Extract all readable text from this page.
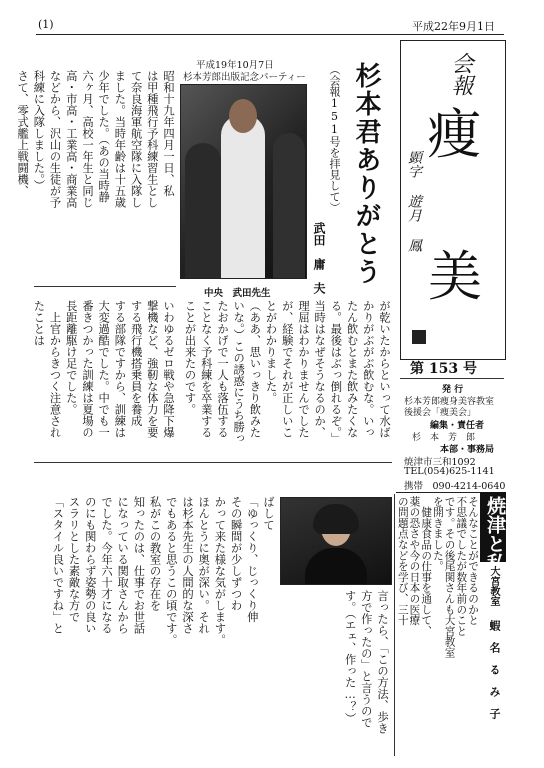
(1)	平成22年9月1日
会報
痩
美
顕字 遊月 鳳
第 153 号
発 行
杉本芳郎痩身美容教室
後援会「痩美会」
編集・責任者
杉　本　芳　郎
本部・事務局
焼津市三和1092
TEL(054)625-1141
携帯　090-4214-0640
平成19年10月7日
杉本芳郎出版記念パーティー
中央　武田先生
杉本君ありがとう
（会報151号を拝見して）
武田　庸　夫

昭和十九年四月一日、私

は甲種飛行予科練習生とし

て奈良海軍航空隊に入隊し

ました。当時年齢は十五歳

少年でした。（あの当時静

六ヶ月、高校一年生と同じ

高・市高・工業高・商業高

などから、沢山の生徒が予

科練に入隊しました。）

さて、零式艦上戦闘機、

いわゆるゼロ戦や急降下爆

撃機など、強靭な体力を要

する飛行機搭乗員を養成

する部隊ですから、訓練は

大変過酷でした。中でも一

番きつかった訓練は夏場の

長距離駆け足でした。

　上官からきつく注意され

たことは	が乾いたからといって水ば

かりがぶがぶ飲むな。いっ

たん飲むとまた飲みたくな

る。最後はぶっ倒れるぞ。」

当時はなぜそうなるのか、

理屈はわかりませんでした

が、経験でそれが正しいこ

とがわかりました。

（ああ、思いっきり飲みた

いな。）この誘惑にうち勝っ

たおかげで一人も落伍する

ことなく予科練を卒業する

ことが出来たのです。

ばして

「ゆっくり、じっくり伸

その瞬間が少しずつわ

かって来た様な気がします。

ほんとうに奥が深い。それ

は杉本先生の人間的な深さ

でもあると思うこの頃です。

私がこの教室の存在を

知ったのは、仕事でお世話

になっている関取さんから

でした。今年六十才になる

のにも関わらず姿勢の良い

スラリとした素敵な方で

「スタイル良いですね」と

言ったら、「この方法、歩き

方で作ったの」と言うので

す。（エェ、作った…？）

焼津と私
大宮教室
蝦　名　る　み　子

そんなことができるのかと

不思議でしたが数年前のこと

です。その後尾関さんも大宮教室

を開きました。

　健康食品の仕事を通して、

薬の恐さや今の日本の医療

の問題点などを学び、三十
